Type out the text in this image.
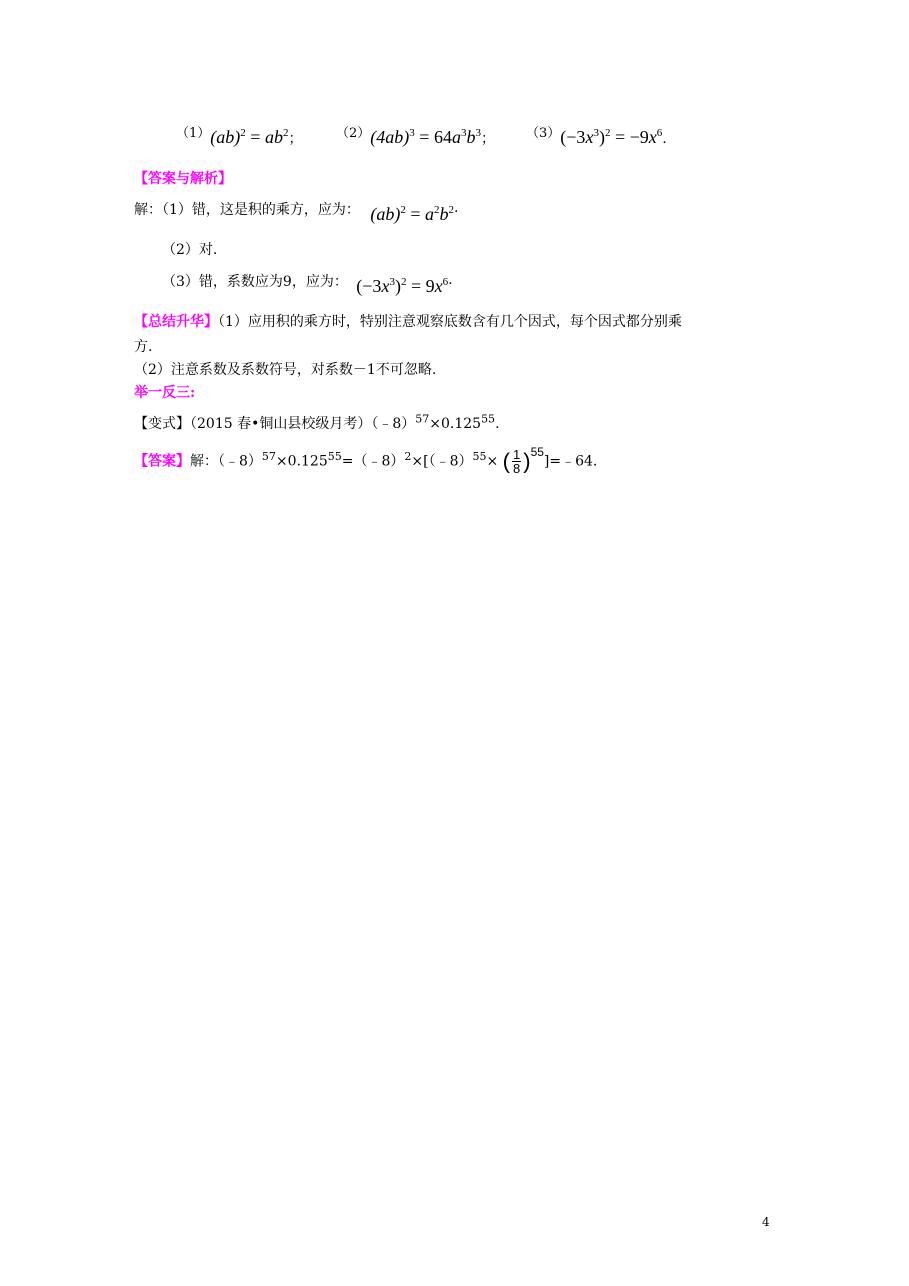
$(1)(ab)^2 = ab^2$；	$(2)(4ab)^3 = 64a^3b^3$； $(3)(-3x^3)^2 = -9x^6$.
【答案与解析】
解：（1）错，这是积的乘方，应为： $(ab)^2 = a^2b^2$.
（2）对.
（3）错，系数应为9，应为： $(-3x^3)^2 = 9x^6$.
【总结升华】（1）应用积的乘方时，特别注意观察底数含有几个因式，每个因式都分别乘
方.
（2）注意系数及系数符号，对系数－1不可忽略.
举一反三:
【变式】（2015 春•铜山县校级月考）$(﹣8)^{57}\times 0.125^{55}$.
【答案】解：$(﹣8)^{57}\times 0.125^{55}=(﹣8)^2\times[(﹣8)^{55}\times$ ( $\frac{1}{8}$ )55]=﹣64.
4
